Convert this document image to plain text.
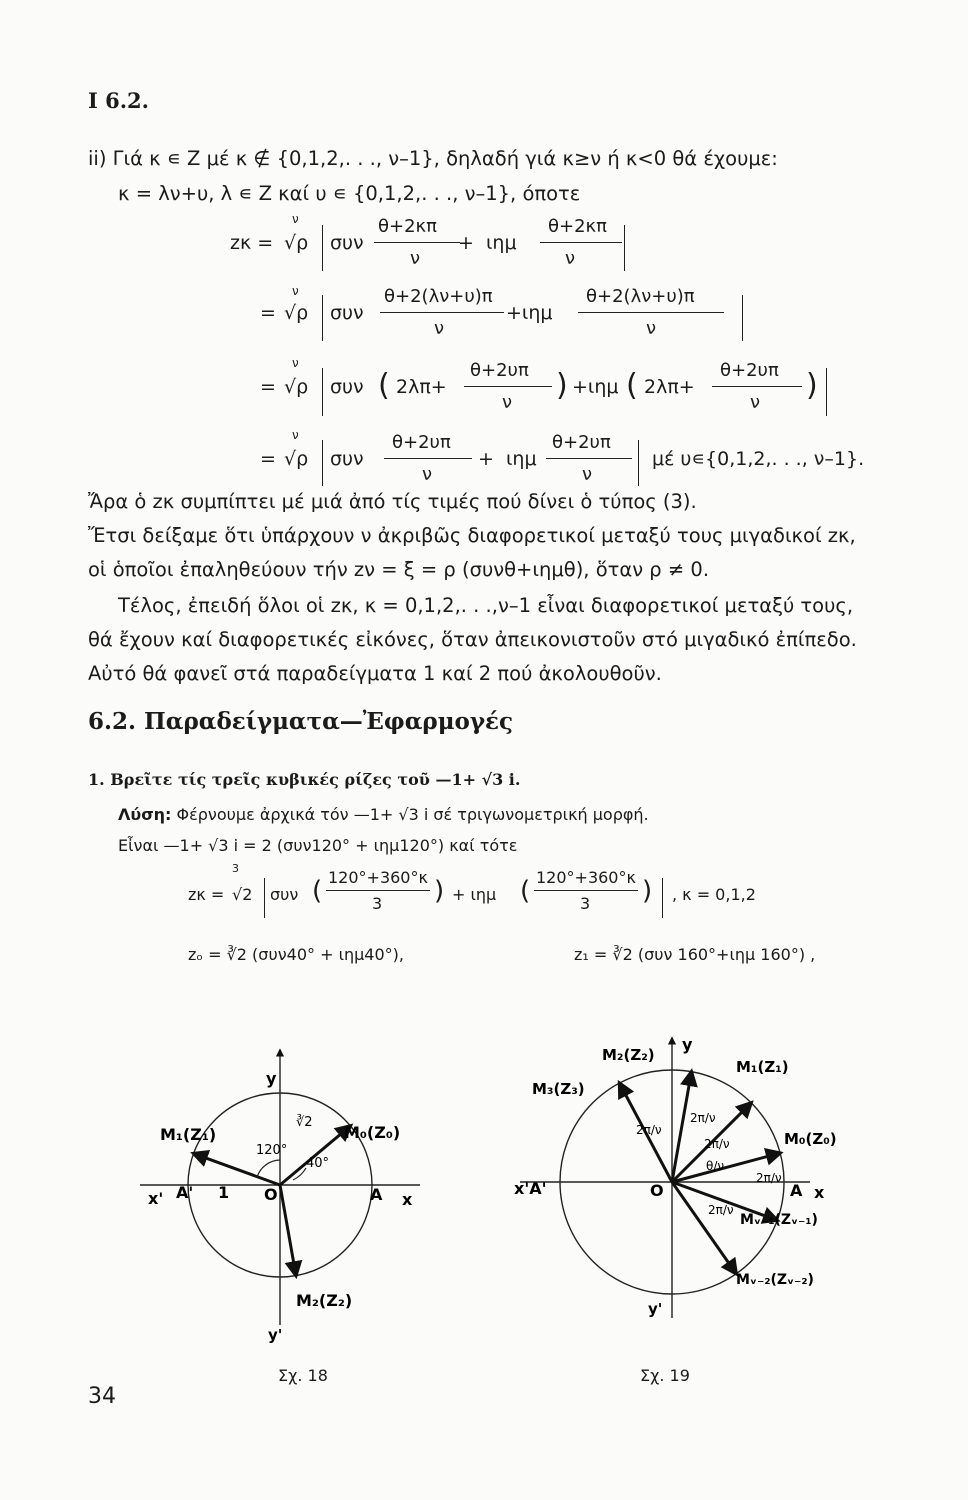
Ι 6.2.
ii) Γιά κ ∊ Z μέ κ ∉ {0,1,2,. . ., ν–1}, δηλαδή γιά κ≥ν ή κ<0 θά έχουμε:
κ = λν+υ, λ ∊ Z καί υ ∊ {0,1,2,. . ., ν–1}, όποτε
zκ =
ν
√ρ συν
θ+2κπ
ν
+ ιημ
θ+2κπ
ν
=
ν
√ρ συν
θ+2(λν+υ)π
ν
+ιημ
θ+2(λν+υ)π
ν
=
ν
√ρ συν ( 2λπ+
θ+2υπ
ν ) +ιημ ( 2λπ+
θ+2υπ
ν )
=
ν
√ρ συν
θ+2υπ
ν
+ ιημ
θ+2υπ
ν
μέ υ∊{0,1,2,. . ., ν–1}.
Ἄρα ὁ zκ συμπίπτει μέ μιά ἀπό τίς τιμές πού δίνει ὁ τύπος (3).
Ἔτσι δείξαμε ὅτι ὑπάρχουν ν ἀκριβῶς διαφορετικοί μεταξύ τους μιγαδικοί zκ,
οἱ ὁποῖοι ἐπαληθεύουν τήν zν = ξ = ρ (συνθ+ιημθ), ὅταν ρ ≠ 0.
Τέλος, ἐπειδή ὅλοι οἱ zκ, κ = 0,1,2,. . .,ν–1 εἶναι διαφορετικοί μεταξύ τους,
θά ἔχουν καί διαφορετικές εἰκόνες, ὅταν ἀπεικονιστοῦν στό μιγαδικό ἐπίπεδο.
Αὐτό θά φανεῖ στά παραδείγματα 1 καί 2 πού ἀκολουθοῦν.
6.2. Παραδείγματα—Ἐφαρμογές
1. Βρεῖτε τίς τρεῖς κυβικές ρίζες τοῦ —1+ √3 i.
Λύση: Φέρνουμε ἀρχικά τόν —1+ √3 i σέ τριγωνομετρική μορφή.
Εἶναι —1+ √3 i = 2 (συν120° + ιημ120°) καί τότε
zκ =
3
√2 συν ( 120°+360°κ
3 ) + ιημ ( 120°+360°κ
3 ) , κ = 0,1,2
zₒ = ∛2 (συν40° + ιημ40°),	z₁ = ∛2 (συν 160°+ιημ 160°) ,
y
y'
x
x' A' 1 O	A
M₀(Z₀)
M₁(Z₁)
M₂(Z₂)
120°
40°
∛2
Σχ. 18
y
y'
x
x'A'	O	A
M₀(Z₀)
M₁(Z₁)
M₂(Z₂)
M₃(Z₃)
Mᵥ₋₁(Zᵥ₋₁)
Mᵥ₋₂(Zᵥ₋₂)
θ/ν
2π/ν
2π/ν
2π/ν
2π/ν
2π/ν
Σχ. 19
34
